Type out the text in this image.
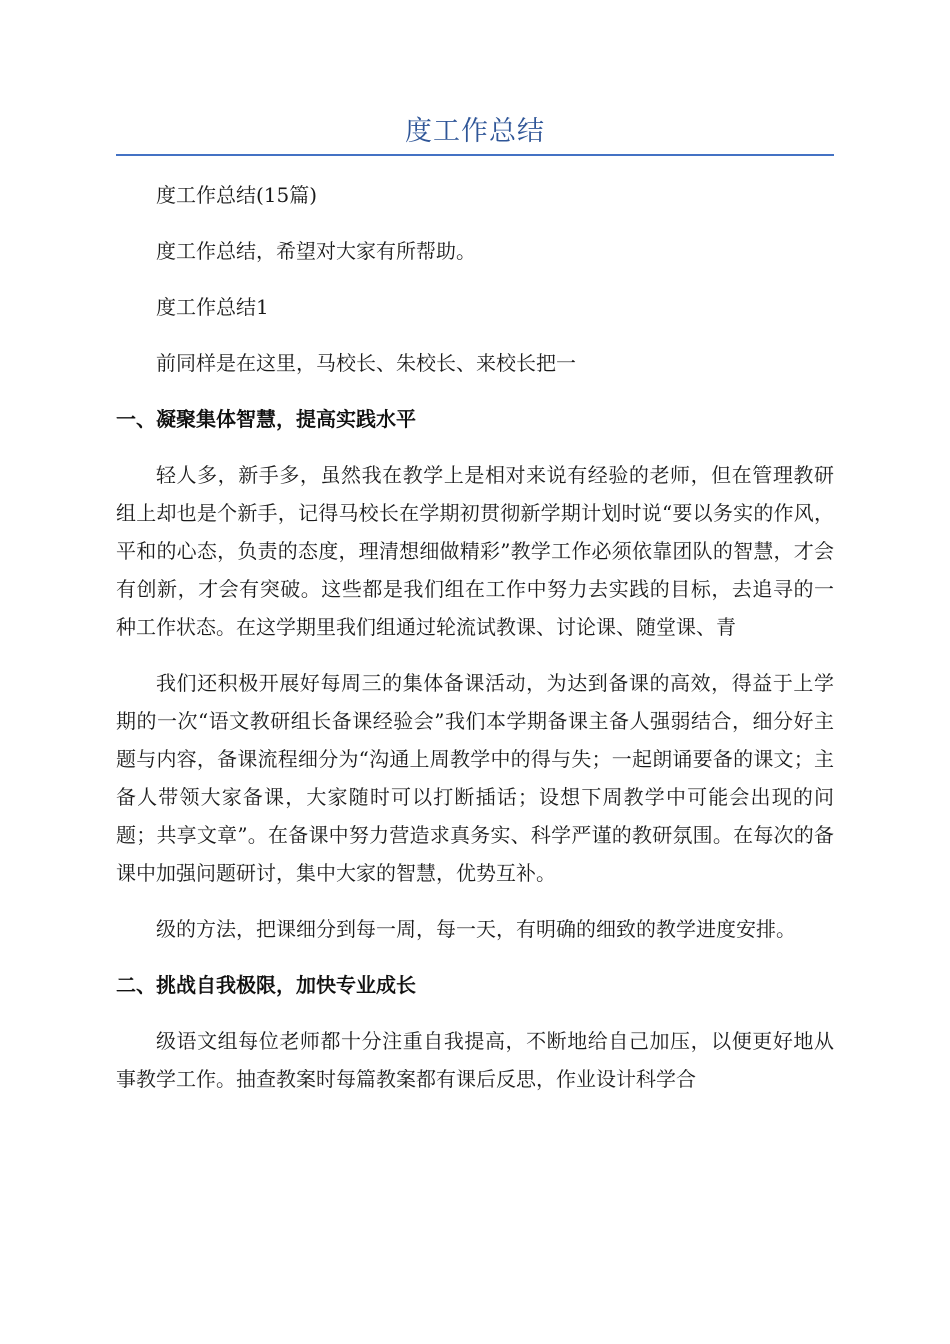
度工作总结

度工作总结(15篇)

度工作总结，希望对大家有所帮助。

度工作总结1

前同样是在这里，马校长、朱校长、来校长把一

一、凝聚集体智慧，提高实践水平

轻人多，新手多，虽然我在教学上是相对来说有经验的老师，但在管理教研组上却也是个新手，记得马校长在学期初贯彻新学期计划时说“要以务实的作风，平和的心态，负责的态度，理清想细做精彩”教学工作必须依靠团队的智慧，才会有创新，才会有突破。这些都是我们组在工作中努力去实践的目标，去追寻的一种工作状态。在这学期里我们组通过轮流试教课、讨论课、随堂课、青

我们还积极开展好每周三的集体备课活动，为达到备课的高效，得益于上学期的一次“语文教研组长备课经验会”我们本学期备课主备人强弱结合，细分好主题与内容，备课流程细分为“沟通上周教学中的得与失；一起朗诵要备的课文；主备人带领大家备课，大家随时可以打断插话；设想下周教学中可能会出现的问题；共享文章”。在备课中努力营造求真务实、科学严谨的教研氛围。在每次的备课中加强问题研讨，集中大家的智慧，优势互补。

级的方法，把课细分到每一周，每一天，有明确的细致的教学进度安排。

二、挑战自我极限，加快专业成长

级语文组每位老师都十分注重自我提高，不断地给自己加压，以便更好地从事教学工作。抽查教案时每篇教案都有课后反思，作业设计科学合
